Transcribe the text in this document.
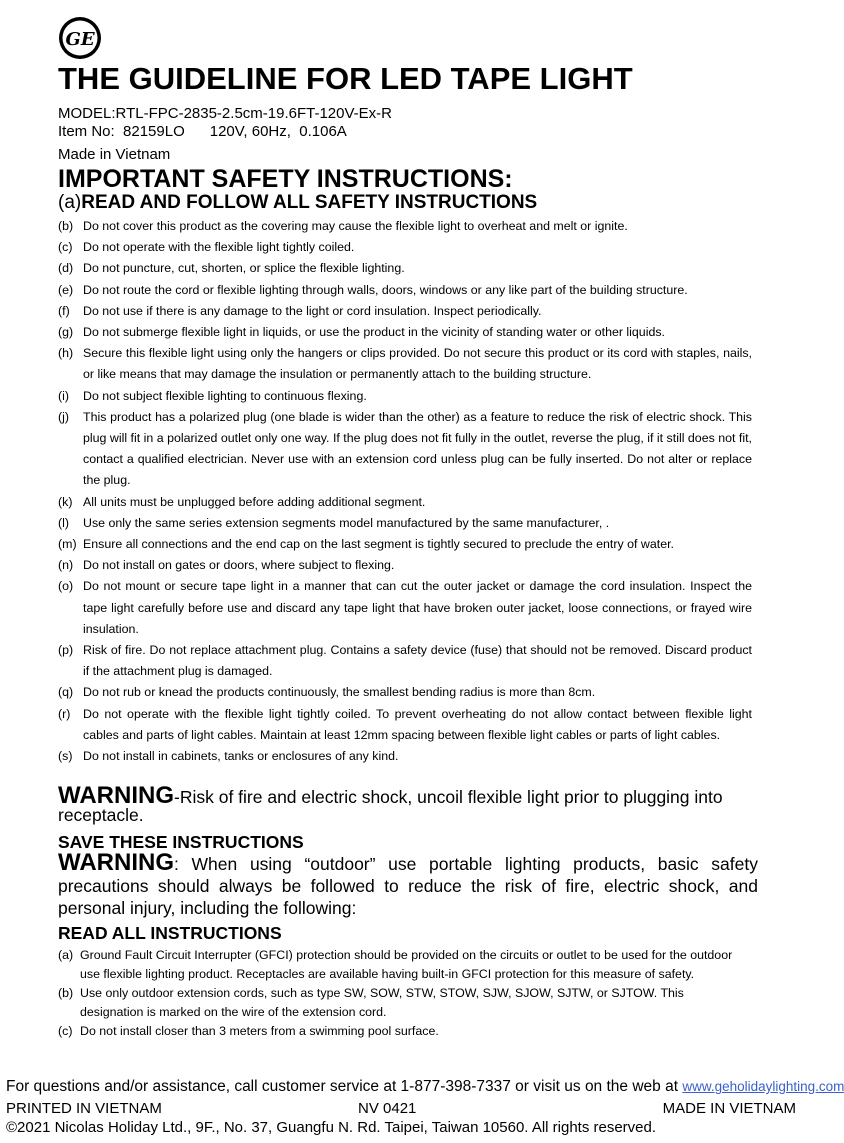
GE
THE GUIDELINE FOR LED TAPE LIGHT
MODEL:RTL-FPC-2835-2.5cm-19.6FT-120V-Ex-R
Item No:  82159LO      120V, 60Hz,  0.106A
Made in Vietnam
IMPORTANT SAFETY INSTRUCTIONS:
(a)READ AND FOLLOW ALL SAFETY INSTRUCTIONS
(b) Do not cover this product as the covering may cause the flexible light to overheat and melt or ignite.
(c) Do not operate with the flexible light tightly coiled.
(d) Do not puncture, cut, shorten, or splice the flexible lighting.
(e) Do not route the cord or flexible lighting through walls, doors, windows or any like part of the building structure.
(f) Do not use if there is any damage to the light or cord insulation. Inspect periodically.
(g) Do not submerge flexible light in liquids, or use the product in the vicinity of standing water or other liquids.
(h) Secure this flexible light using only the hangers or clips provided. Do not secure this product or its cord with staples, nails, or like means that may damage the insulation or permanently attach to the building structure.
(i) Do not subject flexible lighting to continuous flexing.
(j) This product has a polarized plug (one blade is wider than the other) as a feature to reduce the risk of electric shock. This plug will fit in a polarized outlet only one way. If the plug does not fit fully in the outlet, reverse the plug, if it still does not fit, contact a qualified electrician. Never use with an extension cord unless plug can be fully inserted. Do not alter or replace the plug.
(k) All units must be unplugged before adding additional segment.
(l) Use only the same series extension segments model manufactured by the same manufacturer, .
(m) Ensure all connections and the end cap on the last segment is tightly secured to preclude the entry of water.
(n) Do not install on gates or doors, where subject to flexing.
(o) Do not mount or secure tape light in a manner that can cut the outer jacket or damage the cord insulation. Inspect the tape light carefully before use and discard any tape light that have broken outer jacket, loose connections, or frayed wire insulation.
(p) Risk of fire. Do not replace attachment plug. Contains a safety device (fuse) that should not be removed. Discard product if the attachment plug is damaged.
(q) Do not rub or knead the products continuously, the smallest bending radius is more than 8cm.
(r) Do not operate with the flexible light tightly coiled. To prevent overheating do not allow contact between flexible light cables and parts of light cables. Maintain at least 12mm spacing between flexible light cables or parts of light cables.
(s) Do not install in cabinets, tanks or enclosures of any kind.
WARNING-Risk of fire and electric shock, uncoil flexible light prior to plugging into receptacle.
SAVE THESE INSTRUCTIONS
WARNING: When using “outdoor” use portable lighting products, basic safety precautions should always be followed to reduce the risk of fire, electric shock, and personal injury, including the following:
READ ALL INSTRUCTIONS
(a) Ground Fault Circuit Interrupter (GFCI) protection should be provided on the circuits or outlet to be used for the outdoor use flexible lighting product. Receptacles are available having built-in GFCI protection for this measure of safety.
(b) Use only outdoor extension cords, such as type SW, SOW, STW, STOW, SJW, SJOW, SJTW, or SJTOW. This designation is marked on the wire of the extension cord.
(c) Do not install closer than 3 meters from a swimming pool surface.
For questions and/or assistance, call customer service at 1-877-398-7337 or visit us on the web at www.geholidaylighting.com
PRINTED IN VIETNAM	NV 0421	MADE IN VIETNAM
©2021 Nicolas Holiday Ltd., 9F., No. 37, Guangfu N. Rd. Taipei, Taiwan 10560. All rights reserved.
